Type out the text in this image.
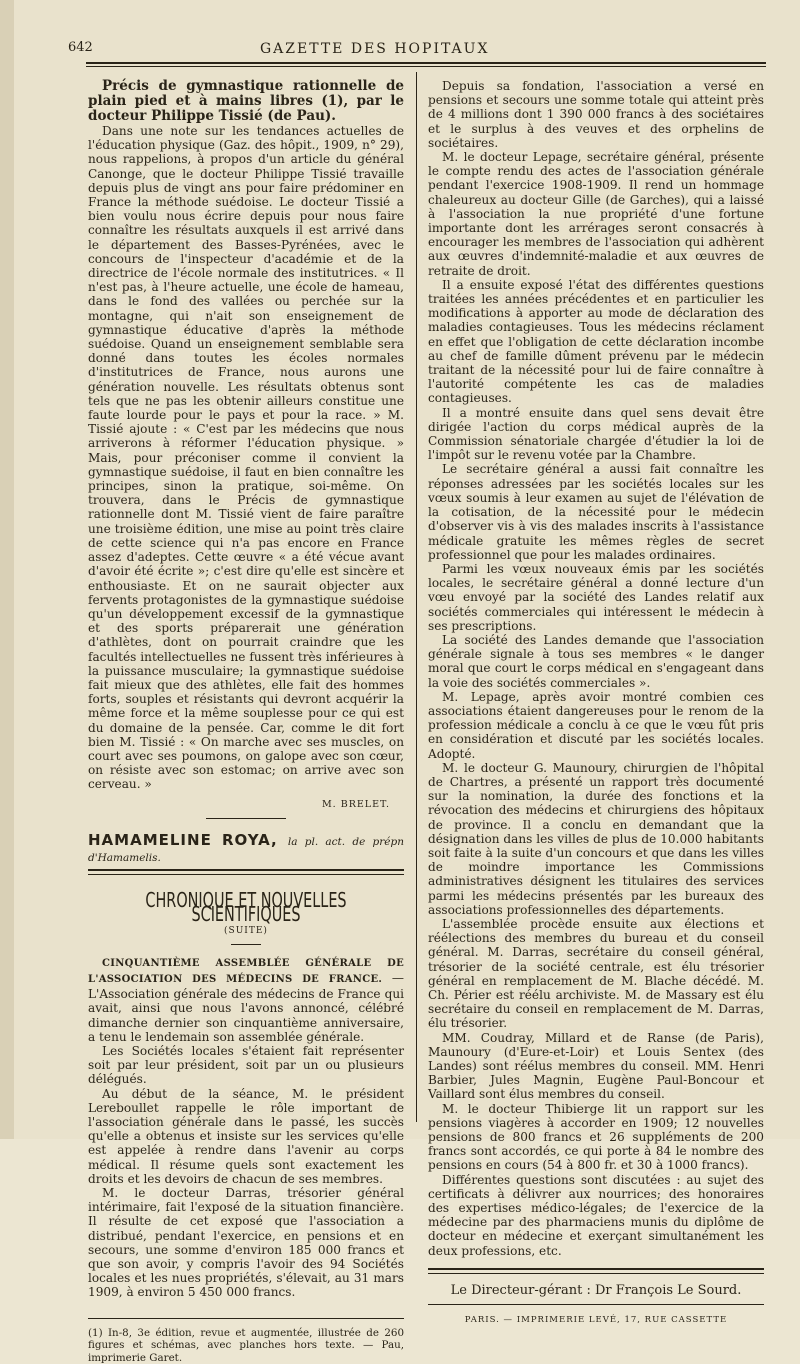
642	GAZETTE DES HOPITAUX

Précis de gymnastique rationnelle de plain pied et à mains libres (1), par le docteur Philippe Tissié (de Pau).

Dans une note sur les tendances actuelles de l'éducation physique (Gaz. des hôpit., 1909, n° 29), nous rappelions, à propos d'un article du général Canonge, que le docteur Philippe Tissié travaille depuis plus de vingt ans pour faire prédominer en France la méthode suédoise. Le docteur Tissié a bien voulu nous écrire depuis pour nous faire connaître les résultats auxquels il est arrivé dans le département des Basses-Pyrénées, avec le concours de l'inspecteur d'académie et de la directrice de l'école normale des institutrices. « Il n'est pas, à l'heure actuelle, une école de hameau, dans le fond des vallées ou perchée sur la montagne, qui n'ait son enseignement de gymnastique éducative d'après la méthode suédoise. Quand un enseignement semblable sera donné dans toutes les écoles normales d'institutrices de France, nous aurons une génération nouvelle. Les résultats obtenus sont tels que ne pas les obtenir ailleurs constitue une faute lourde pour le pays et pour la race. » M. Tissié ajoute : « C'est par les médecins que nous arriverons à réformer l'éducation physique. » Mais, pour préconiser comme il convient la gymnastique suédoise, il faut en bien connaître les principes, sinon la pratique, soi-même. On trouvera, dans le Précis de gymnastique rationnelle dont M. Tissié vient de faire paraître une troisième édition, une mise au point très claire de cette science qui n'a pas encore en France assez d'adeptes. Cette œuvre « a été vécue avant d'avoir été écrite »; c'est dire qu'elle est sincère et enthousiaste. Et on ne saurait objecter aux fervents protagonistes de la gymnastique suédoise qu'un développement excessif de la gymnastique et des sports préparerait une génération d'athlètes, dont on pourrait craindre que les facultés intellectuelles ne fussent très inférieures à la puissance musculaire; la gymnastique suédoise fait mieux que des athlètes, elle fait des hommes forts, souples et résistants qui devront acquérir la même force et la même souplesse pour ce qui est du domaine de la pensée. Car, comme le dit fort bien M. Tissié : « On marche avec ses muscles, on court avec ses poumons, on galope avec son cœur, on résiste avec son estomac; on arrive avec son cerveau. »

M. BRELET.
HAMAMELINE ROYA, la pl. act. de prépn d'Hamamelis.
CHRONIQUE ET NOUVELLES SCIENTIFIQUES
(SUITE)

CINQUANTIÈME ASSEMBLÉE GÉNÉRALE DE L'ASSOCIATION DES MÉDECINS DE FRANCE. — L'Association générale des médecins de France qui avait, ainsi que nous l'avons annoncé, célébré dimanche dernier son cinquantième anniversaire, a tenu le lendemain son assemblée générale.

Les Sociétés locales s'étaient fait représenter soit par leur président, soit par un ou plusieurs délégués.

Au début de la séance, M. le président Lereboullet rappelle le rôle important de l'association générale dans le passé, les succès qu'elle a obtenus et insiste sur les services qu'elle est appelée à rendre dans l'avenir au corps médical. Il résume quels sont exactement les droits et les devoirs de chacun de ses membres.

M. le docteur Darras, trésorier général intérimaire, fait l'exposé de la situation financière. Il résulte de cet exposé que l'association a distribué, pendant l'exercice, en pensions et en secours, une somme d'environ 185 000 francs et que son avoir, y compris l'avoir des 94 Sociétés locales et les nues propriétés, s'élevait, au 31 mars 1909, à environ 5 450 000 francs.

(1) In-8, 3e édition, revue et augmentée, illustrée de 260 figures et schémas, avec planches hors texte. — Pau, imprimerie Garet.

Depuis sa fondation, l'association a versé en pensions et secours une somme totale qui atteint près de 4 millions dont 1 390 000 francs à des sociétaires et le surplus à des veuves et des orphelins de sociétaires.

M. le docteur Lepage, secrétaire général, présente le compte rendu des actes de l'association générale pendant l'exercice 1908-1909. Il rend un hommage chaleureux au docteur Gille (de Garches), qui a laissé à l'association la nue propriété d'une fortune importante dont les arrérages seront consacrés à encourager les membres de l'association qui adhèrent aux œuvres d'indemnité-maladie et aux œuvres de retraite de droit.

Il a ensuite exposé l'état des différentes questions traitées les années précédentes et en particulier les modifications à apporter au mode de déclaration des maladies contagieuses. Tous les médecins réclament en effet que l'obligation de cette déclaration incombe au chef de famille dûment prévenu par le médecin traitant de la nécessité pour lui de faire connaître à l'autorité compétente les cas de maladies contagieuses.

Il a montré ensuite dans quel sens devait être dirigée l'action du corps médical auprès de la Commission sénatoriale chargée d'étudier la loi de l'impôt sur le revenu votée par la Chambre.

Le secrétaire général a aussi fait connaître les réponses adressées par les sociétés locales sur les vœux soumis à leur examen au sujet de l'élévation de la cotisation, de la nécessité pour le médecin d'observer vis à vis des malades inscrits à l'assistance médicale gratuite les mêmes règles de secret professionnel que pour les malades ordinaires.

Parmi les vœux nouveaux émis par les sociétés locales, le secrétaire général a donné lecture d'un vœu envoyé par la société des Landes relatif aux sociétés commerciales qui intéressent le médecin à ses prescriptions.

La société des Landes demande que l'association générale signale à tous ses membres « le danger moral que court le corps médical en s'engageant dans la voie des sociétés commerciales ».

M. Lepage, après avoir montré combien ces associations étaient dangereuses pour le renom de la profession médicale a conclu à ce que le vœu fût pris en considération et discuté par les sociétés locales. Adopté.

M. le docteur G. Maunoury, chirurgien de l'hôpital de Chartres, a présenté un rapport très documenté sur la nomination, la durée des fonctions et la révocation des médecins et chirurgiens des hôpitaux de province. Il a conclu en demandant que la désignation dans les villes de plus de 10.000 habitants soit faite à la suite d'un concours et que dans les villes de moindre importance les Commissions administratives désignent les titulaires des services parmi les médecins présentés par les bureaux des associations professionnelles des départements.

L'assemblée procède ensuite aux élections et réélections des membres du bureau et du conseil général. M. Darras, secrétaire du conseil général, trésorier de la société centrale, est élu trésorier général en remplacement de M. Blache décédé. M. Ch. Périer est réélu archiviste. M. de Massary est élu secrétaire du conseil en remplacement de M. Darras, élu trésorier.

MM. Coudray, Millard et de Ranse (de Paris), Maunoury (d'Eure-et-Loir) et Louis Sentex (des Landes) sont réélus membres du conseil. MM. Henri Barbier, Jules Magnin, Eugène Paul-Boncour et Vaillard sont élus membres du conseil.

M. le docteur Thibierge lit un rapport sur les pensions viagères à accorder en 1909; 12 nouvelles pensions de 800 francs et 26 suppléments de 200 francs sont accordés, ce qui porte à 84 le nombre des pensions en cours (54 à 800 fr. et 30 à 1000 francs).

Différentes questions sont discutées : au sujet des certificats à délivrer aux nourrices; des honoraires des expertises médico-légales; de l'exercice de la médecine par des pharmaciens munis du diplôme de docteur en médecine et exerçant simultanément les deux professions, etc.

Le Directeur-gérant : Dr François Le Sourd.
PARIS. — IMPRIMERIE LEVÉ, 17, RUE CASSETTE
